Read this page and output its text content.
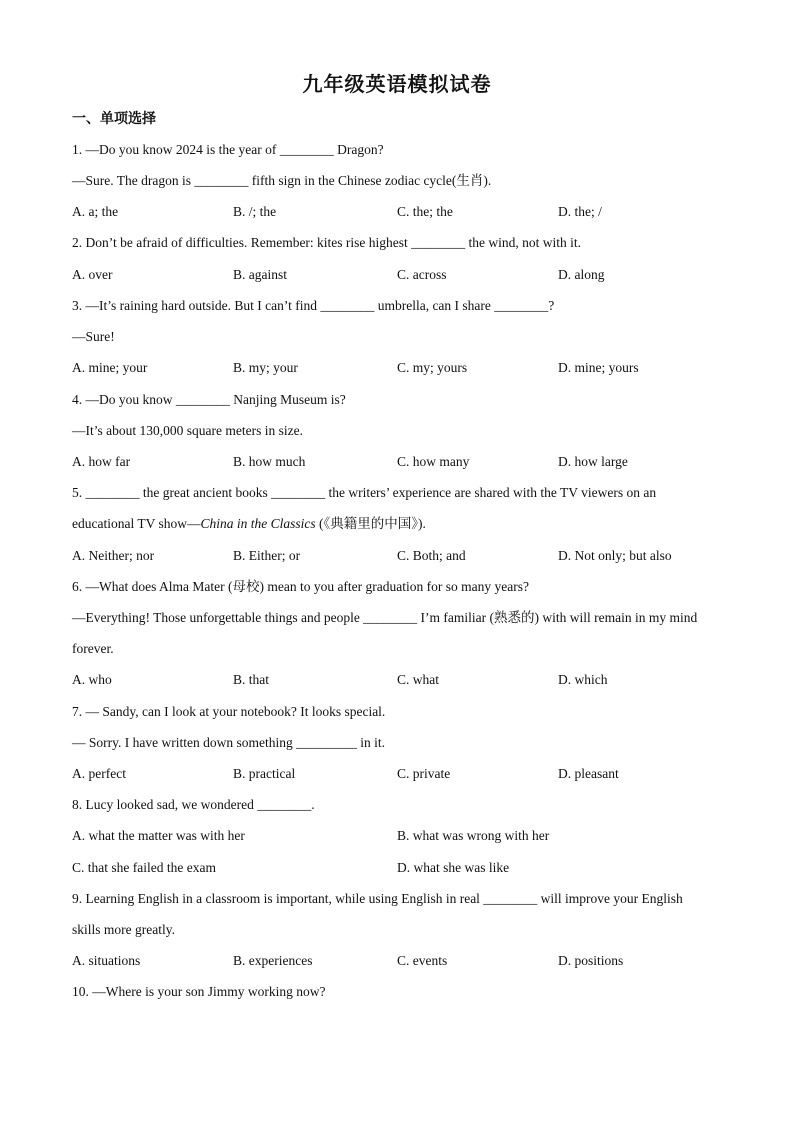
九年级英语模拟试卷
一、单项选择
1. —Do you know 2024 is the year of ________ Dragon?
—Sure. The dragon is ________ fifth sign in the Chinese zodiac cycle(生肖).
A. a; the	B. /; the	C. the; the	D. the; /
2. Don’t be afraid of difficulties. Remember: kites rise highest ________ the wind, not with it.
A. over	B. against	C. across	D. along
3. —It’s raining hard outside. But I can’t find ________ umbrella, can I share ________?
—Sure!
A. mine; your	B. my; your	C. my; yours	D. mine; yours
4. —Do you know ________ Nanjing Museum is?
—It’s about 130,000 square meters in size.
A. how far	B. how much	C. how many	D. how large
5. ________ the great ancient books ________ the writers’ experience are shared with the TV viewers on an
educational TV show—China in the Classics (《典籍里的中国》).
A. Neither; nor	B. Either; or	C. Both; and	D. Not only; but also
6. —What does Alma Mater (母校) mean to you after graduation for so many years?
—Everything! Those unforgettable things and people ________ I’m familiar (熟悉的) with will remain in my mind
forever.
A. who	B. that	C. what	D. which
7. — Sandy, can I look at your notebook? It looks special.
— Sorry. I have written down something _________ in it.
A. perfect	B. practical	C. private	D. pleasant
8. Lucy looked sad, we wondered ________.
A. what the matter was with her	B. what was wrong with her
C. that she failed the exam	D. what she was like
9. Learning English in a classroom is important, while using English in real ________ will improve your English
skills more greatly.
A. situations	B. experiences	C. events	D. positions
10. —Where is your son Jimmy working now?
